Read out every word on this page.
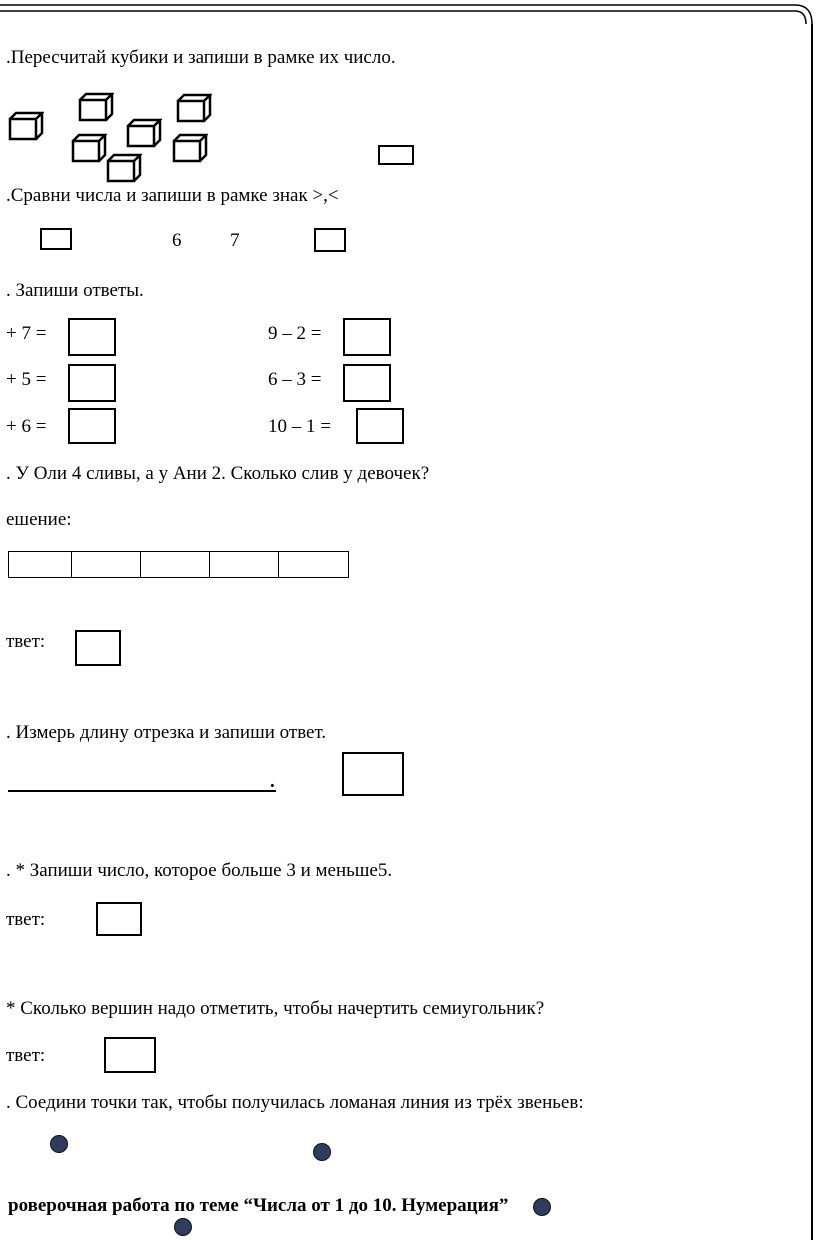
.Пересчитай кубики и запиши в рамке их число.
.Сравни числа и запиши в рамке знак >,<
6	7
. Запиши ответы.
+ 7 =	9 – 2 =
+ 5 =	6 – 3 =
+ 6 =	10 – 1 =
. У Оли 4 сливы, а у Ани 2. Сколько слив у девочек?
ешение:
твет:
. Измерь длину отрезка и запиши ответ.
.
. * Запиши число, которое больше 3 и меньше5.
твет:
* Сколько вершин надо отметить, чтобы начертить семиугольник?
твет:
. Соедини точки так, чтобы получилась ломаная линия из трёх звеньев:
роверочная работа по теме “Числа от 1 до 10. Нумерация”
